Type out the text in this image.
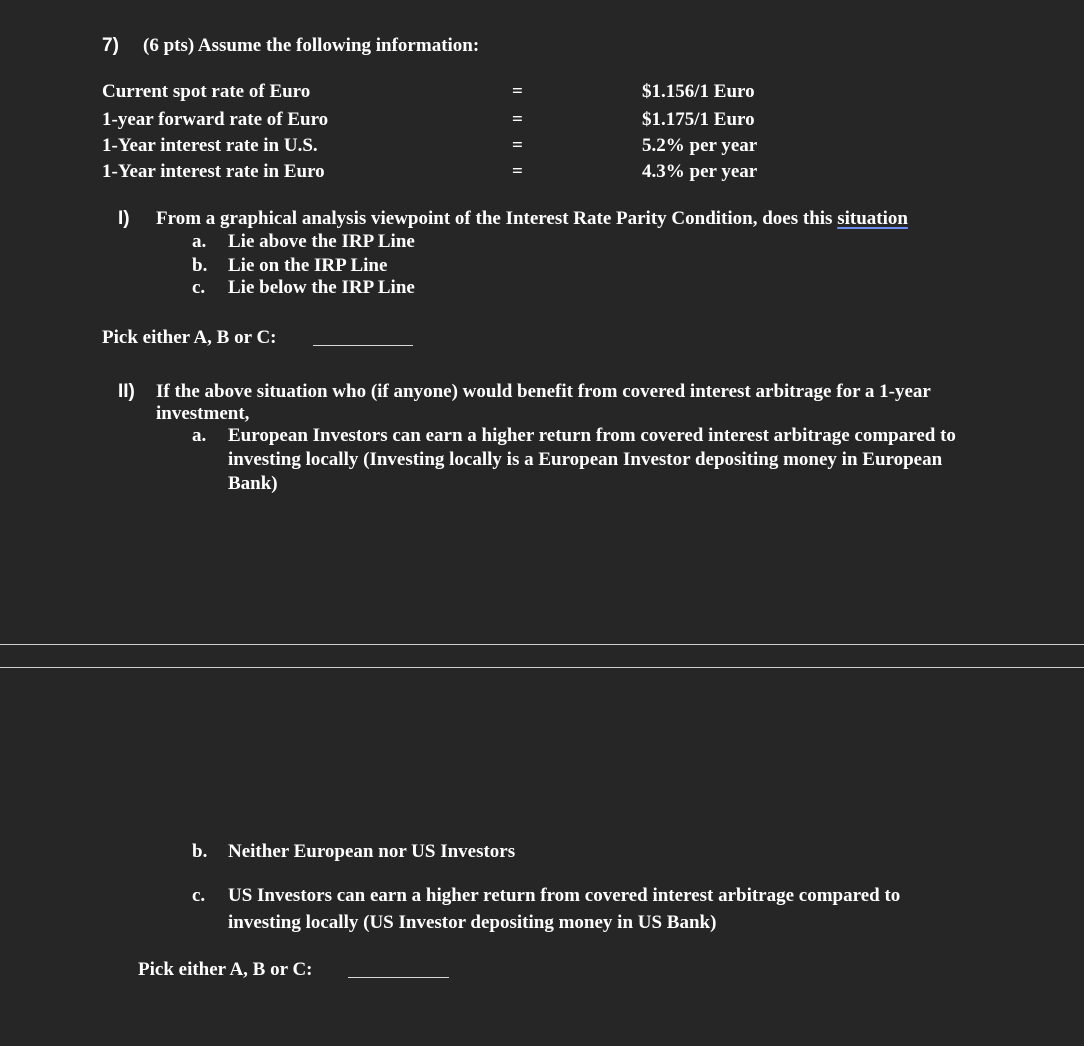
7) (6 pts) Assume the following information:
Current spot rate of Euro	=	$1.156/1 Euro
1-year forward rate of Euro	=	$1.175/1 Euro
1-Year interest rate in U.S.	=	5.2% per year
1-Year interest rate in Euro	=	4.3% per year
I) From a graphical analysis viewpoint of the Interest Rate Parity Condition, does this situation
a. Lie above the IRP Line
b. Lie on the IRP Line
c. Lie below the IRP Line
Pick either A, B or C:
II) If the above situation who (if anyone) would benefit from covered interest arbitrage for a 1-year
investment,
a. European Investors can earn a higher return from covered interest arbitrage compared to
investing locally (Investing locally is a European Investor depositing money in European
Bank)
b. Neither European nor US Investors
c. US Investors can earn a higher return from covered interest arbitrage compared to
investing locally (US Investor depositing money in US Bank)
Pick either A, B or C:
